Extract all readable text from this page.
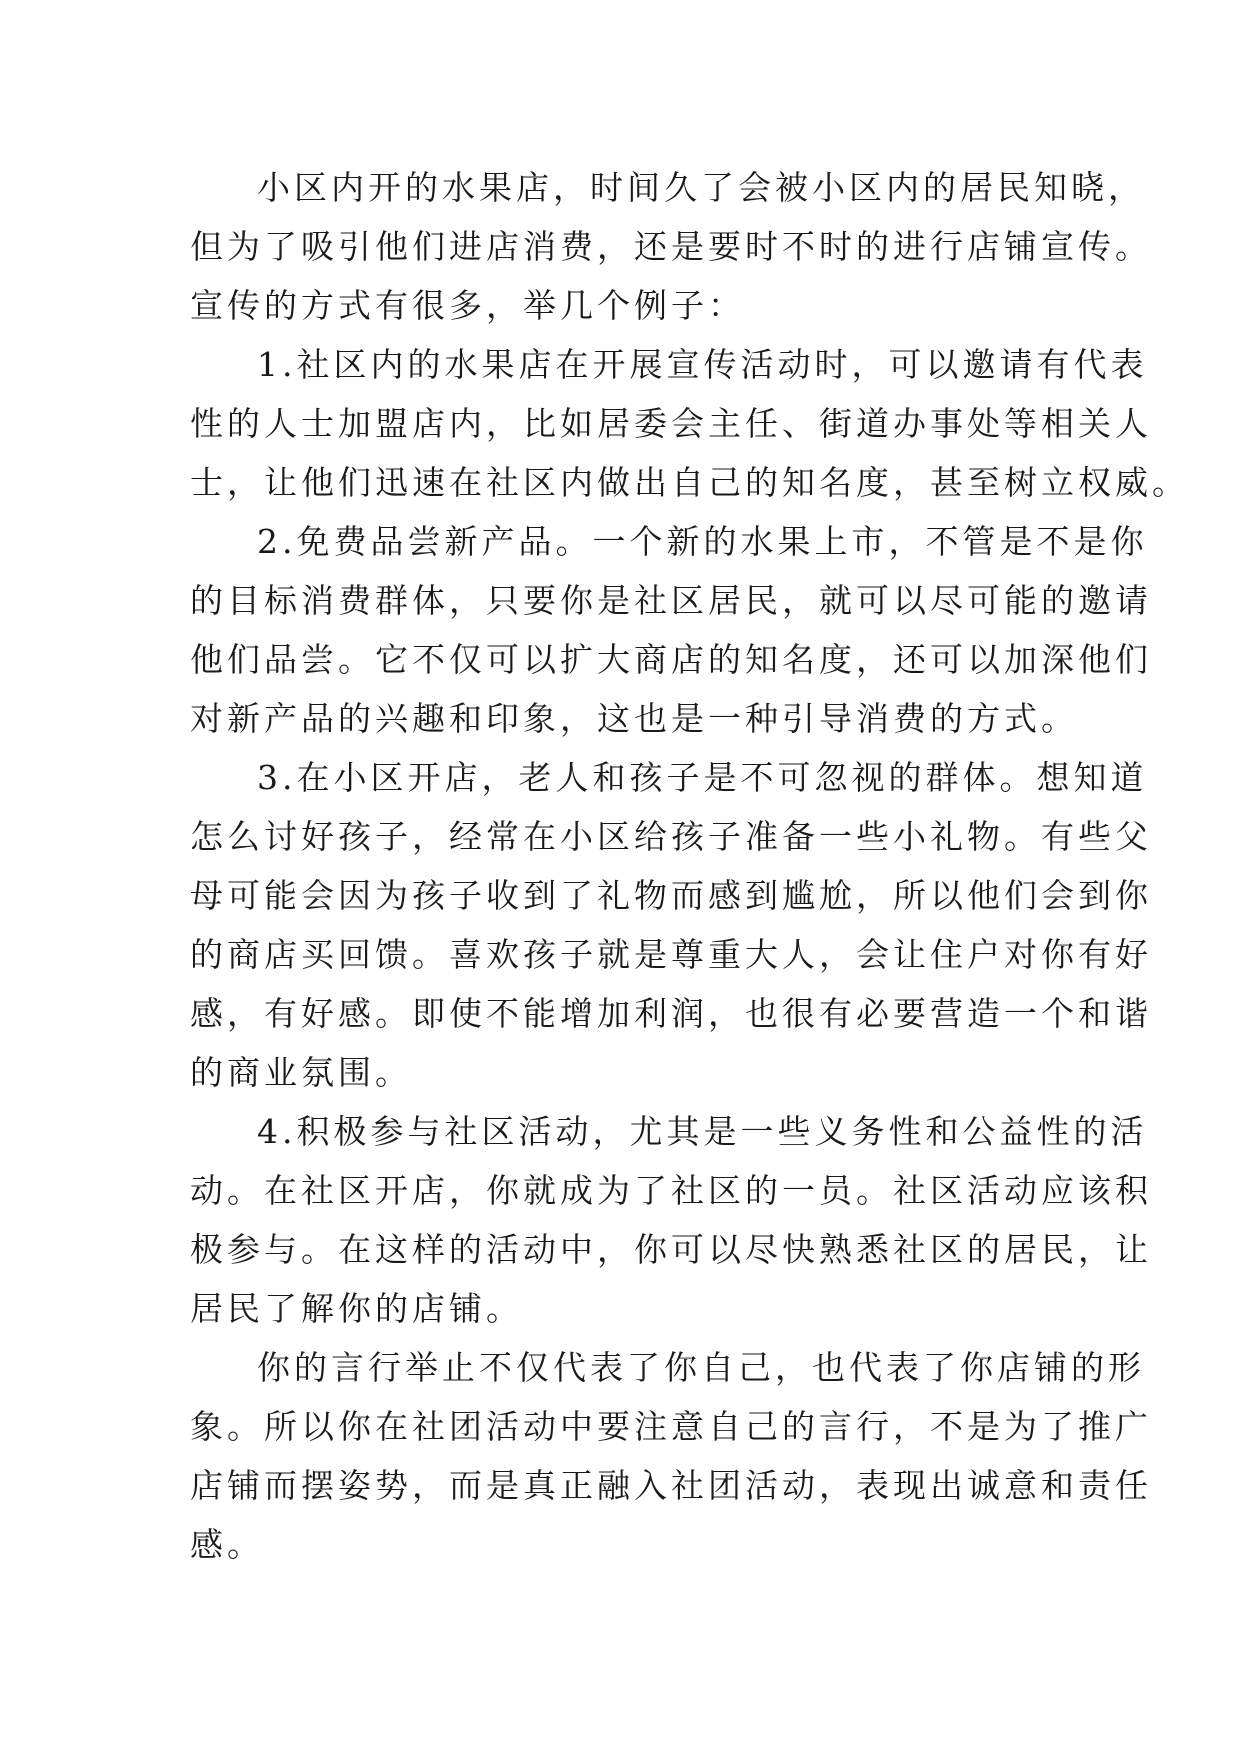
小区内开的水果店，时间久了会被小区内的居民知晓，
但为了吸引他们进店消费，还是要时不时的进行店铺宣传。
宣传的方式有很多，举几个例子：
1.社区内的水果店在开展宣传活动时，可以邀请有代表
性的人士加盟店内，比如居委会主任、街道办事处等相关人
士，让他们迅速在社区内做出自己的知名度，甚至树立权威。
2.免费品尝新产品。一个新的水果上市，不管是不是你
的目标消费群体，只要你是社区居民，就可以尽可能的邀请
他们品尝。它不仅可以扩大商店的知名度，还可以加深他们
对新产品的兴趣和印象，这也是一种引导消费的方式。
3.在小区开店，老人和孩子是不可忽视的群体。想知道
怎么讨好孩子，经常在小区给孩子准备一些小礼物。有些父
母可能会因为孩子收到了礼物而感到尴尬，所以他们会到你
的商店买回馈。喜欢孩子就是尊重大人，会让住户对你有好
感，有好感。即使不能增加利润，也很有必要营造一个和谐
的商业氛围。
4.积极参与社区活动，尤其是一些义务性和公益性的活
动。在社区开店，你就成为了社区的一员。社区活动应该积
极参与。在这样的活动中，你可以尽快熟悉社区的居民，让
居民了解你的店铺。
你的言行举止不仅代表了你自己，也代表了你店铺的形
象。所以你在社团活动中要注意自己的言行，不是为了推广
店铺而摆姿势，而是真正融入社团活动，表现出诚意和责任
感。
